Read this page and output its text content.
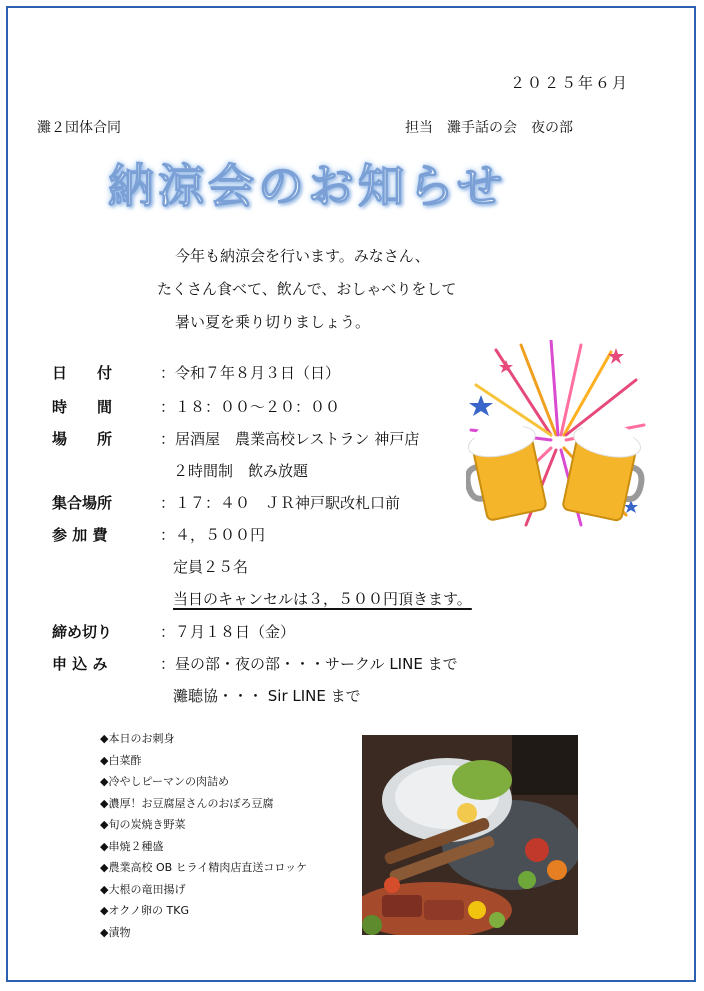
２０２５年６月
灘２団体合同	担当　灘手話の会　夜の部
納涼会のお知らせ
今年も納涼会を行います。みなさん、
たくさん食べて、飲んで、おしゃべりをして
暑い夏を乗り切りましょう。
日　　付	：令和７年８月３日（日）
時　　間	：１８：００～２０：００
場　　所	：居酒屋　農業高校レストラン 神戸店
２時間制　飲み放題
集合場所	：１７：４０　ＪＲ神戸駅改札口前
参 加 費	：４，５００円
定員２５名
当日のキャンセルは３，５００円頂きます。
締め切り	：７月１８日（金）
申 込 み	：昼の部・夜の部・・・サークル LINE まで
灘聴協・・・ Sir LINE まで
◆本日のお刺身
◆白菜酢
◆冷やしピーマンの肉詰め
◆濃厚！お豆腐屋さんのおぼろ豆腐
◆旬の炭焼き野菜
◆串焼２種盛
◆農業高校 OB ヒライ精肉店直送コロッケ
◆大根の竜田揚げ
◆オクノ卵の TKG
◆漬物
